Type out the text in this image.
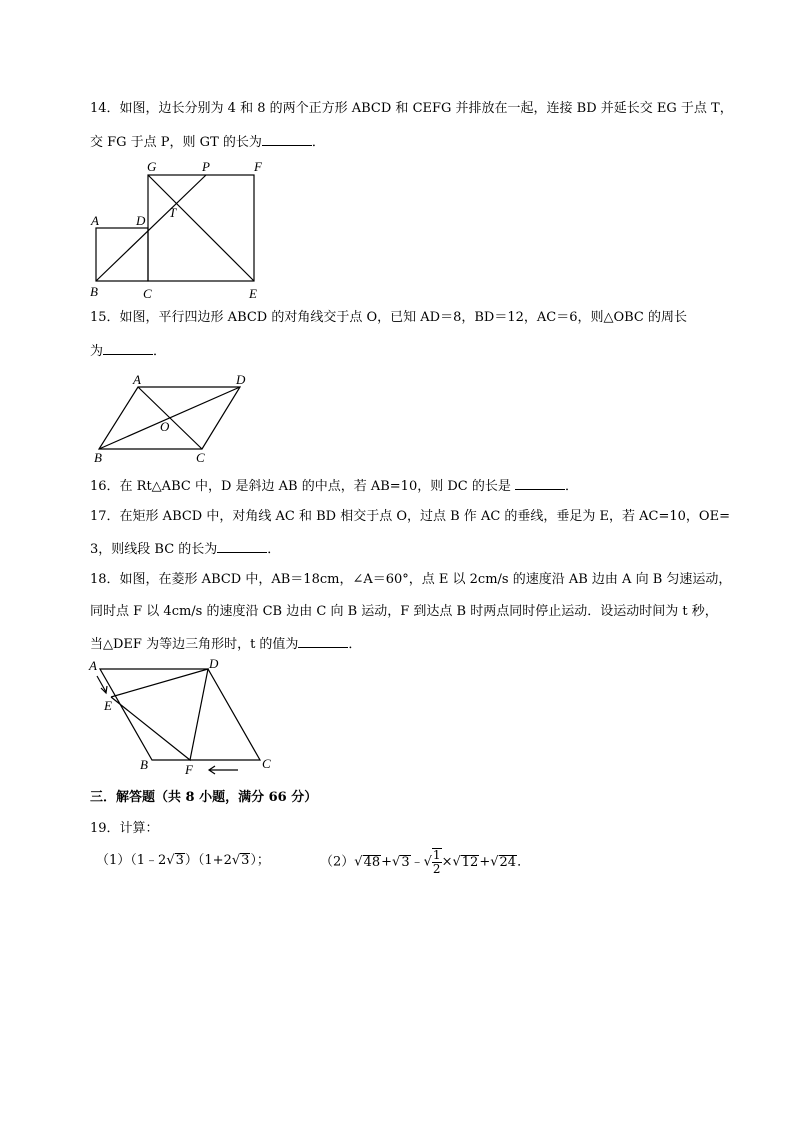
14．如图，边长分别为 4 和 8 的两个正方形 ABCD 和 CEFG 并排放在一起，连接 BD 并延长交 EG 于点 T，
交 FG 于点 P，则 GT 的长为	．
G	P	F
A	D
T
B	C	E
A	D
O
B	C
A	D
E
B	F	C
15．如图，平行四边形 ABCD 的对角线交于点 O，已知 AD＝8，BD＝12，AC＝6，则△OBC 的周长
为	．
16．在 Rt△ABC 中，D 是斜边 AB 的中点，若 AB=10，则 DC 的长是	．
17．在矩形 ABCD 中，对角线 AC 和 BD 相交于点 O，过点 B 作 AC 的垂线，垂足为 E，若 AC=10，OE=
3，则线段 BC 的长为	．
18．如图，在菱形 ABCD 中，AB＝18cm，∠A＝60°，点 E 以 2cm/s 的速度沿 AB 边由 A 向 B 匀速运动，
同时点 F 以 4cm/s 的速度沿 CB 边由 C 向 B 运动，F 到达点 B 时两点同时停止运动．设运动时间为 t 秒，
当△DEF 为等边三角形时，t 的值为	．
三．解答题（共 8 小题，满分 66 分）
19．计算：
（1）（1﹣2√3）（1+2√3）；	（2）√48+√3﹣√ $\frac{1}{2} \times√12+√24$．
